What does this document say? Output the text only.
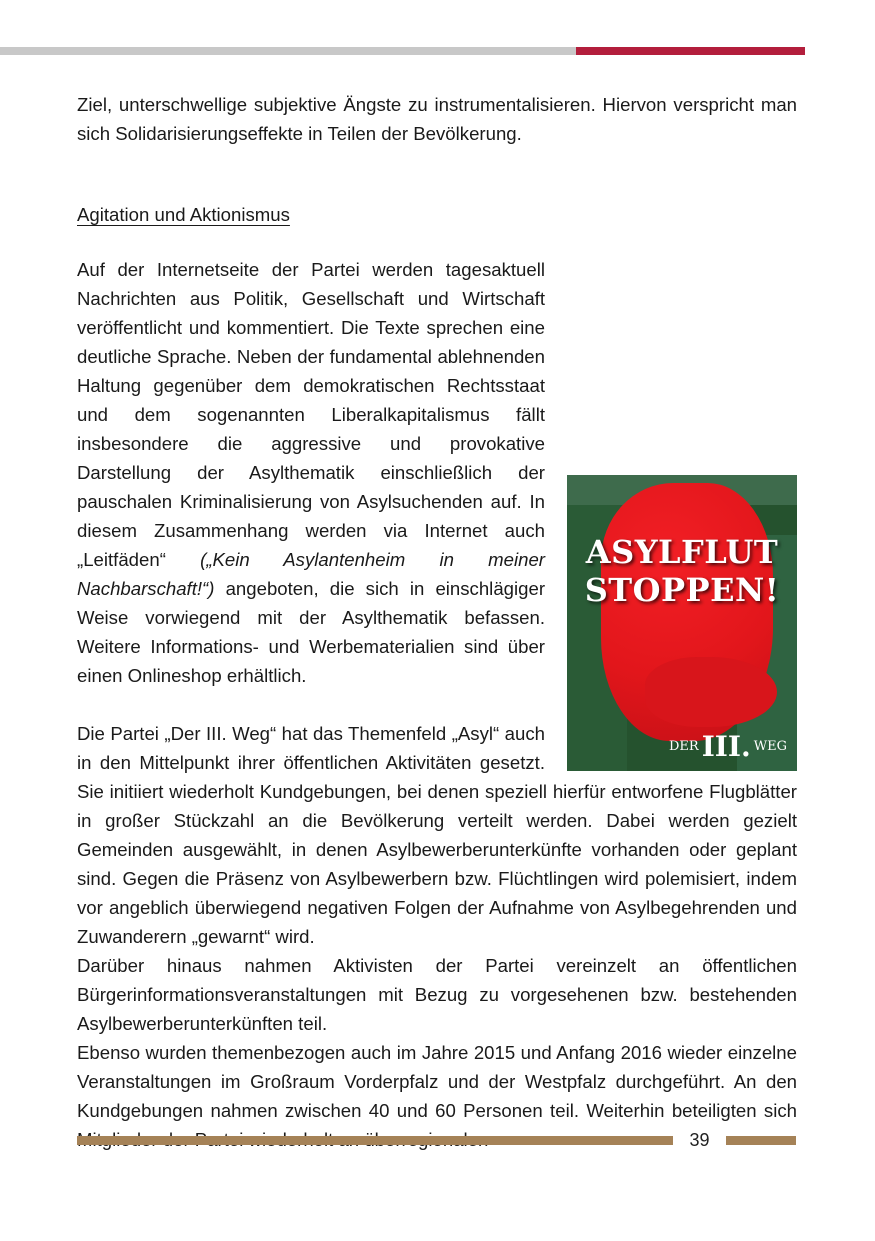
Ziel, unterschwellige subjektive Ängste zu instrumentalisieren. Hiervon verspricht man sich Solidarisierungseffekte in Teilen der Bevölkerung.

Agitation und Aktionismus

ASYLFLUT
STOPPEN!
DER III. WEG
Auf der Internetseite der Partei werden tagesaktuell Nachrichten aus Politik, Gesellschaft und Wirtschaft veröffentlicht und kommentiert. Die Texte sprechen eine deutliche Sprache. Neben der fundamental ablehnenden Haltung gegenüber dem demokratischen Rechtsstaat und dem sogenannten Liberalkapitalismus fällt insbesondere die aggressive und provokative Darstellung der Asylthematik einschließlich der pauschalen Kriminalisierung von Asylsuchenden auf. In diesem Zusammenhang werden via Internet auch „Leitfäden“ („Kein Asylantenheim in meiner Nachbarschaft!“) angeboten, die sich in einschlägiger Weise vorwiegend mit der Asylthematik befassen. Weitere Informations- und Werbematerialien sind über einen Onlineshop erhältlich.

Die Partei „Der III. Weg“ hat das Themenfeld „Asyl“ auch in den Mittelpunkt ihrer öffentlichen Aktivitäten gesetzt. Sie initiiert wiederholt Kundgebungen, bei denen speziell hierfür entworfene Flugblätter in großer Stückzahl an die Bevölkerung verteilt werden. Dabei werden gezielt Gemeinden ausgewählt, in denen Asylbewerberunterkünfte vorhanden oder geplant sind. Gegen die Präsenz von Asylbewerbern bzw. Flüchtlingen wird polemisiert, indem vor angeblich überwiegend negativen Folgen der Aufnahme von Asylbegehrenden und Zuwanderern „gewarnt“ wird.

Darüber hinaus nahmen Aktivisten der Partei vereinzelt an öffentlichen Bürgerinformationsveranstaltungen mit Bezug zu vorgesehenen bzw. bestehenden Asylbewerberunterkünften teil.

Ebenso wurden themenbezogen auch im Jahre 2015 und Anfang 2016 wieder einzelne Veranstaltungen im Großraum Vorderpfalz und der Westpfalz durchgeführt. An den Kundgebungen nahmen zwischen 40 und 60 Personen teil. Weiterhin beteiligten sich

39
